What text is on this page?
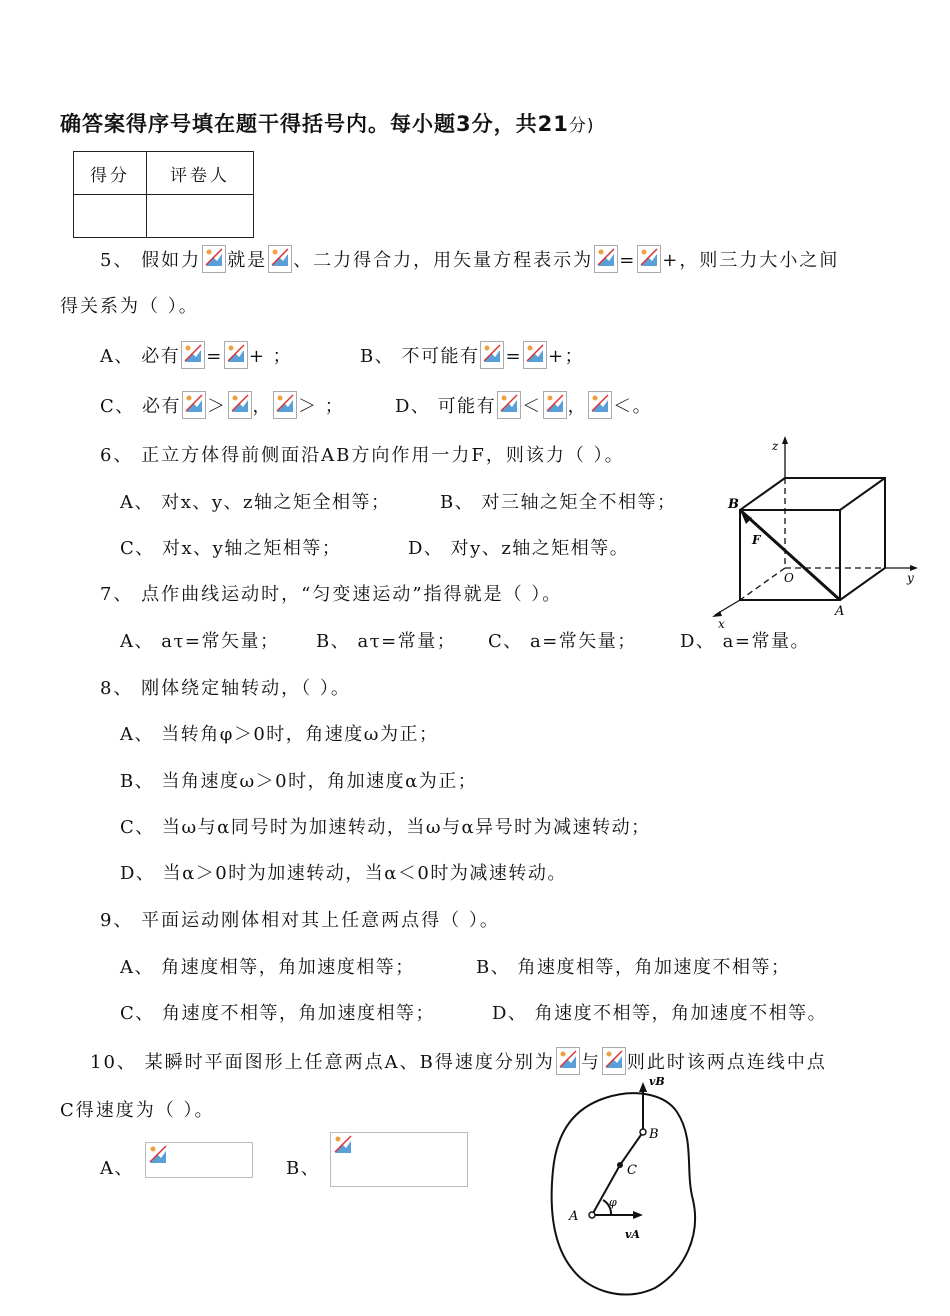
确答案得序号填在题干得括号内。每小题3分，共21分)
得分	评卷人

5、 假如力 就是 、二力得合力，用矢量方程表示为 = +，则三力大小之间
得关系为（ ）。
A、 必有 = + ；	B、 不可能有 = +；
C、 必有 ＞ ， ＞ ；	D、 可能有 ＜ ， ＜。
6、 正立方体得前侧面沿AB方向作用一力F，则该力（ ）。
A、 对x、y、z轴之矩全相等；	B、 对三轴之矩全不相等；
C、 对x、y轴之矩相等；	D、 对y、z轴之矩相等。
z
y
x
O
A
B
F
7、 点作曲线运动时，“匀变速运动”指得就是（ ）。
A、 aτ=常矢量； B、 aτ=常量； C、 a=常矢量； D、 a=常量。
8、 刚体绕定轴转动，（ ）。
A、 当转角φ＞0时，角速度ω为正；
B、 当角速度ω＞0时，角加速度α为正；
C、 当ω与α同号时为加速转动，当ω与α异号时为减速转动；
D、 当α＞0时为加速转动，当α＜0时为减速转动。
9、 平面运动刚体相对其上任意两点得（ ）。
A、 角速度相等，角加速度相等；	B、 角速度相等，角加速度不相等；
C、 角速度不相等，角加速度相等；	D、 角速度不相等，角加速度不相等。
10、 某瞬时平面图形上任意两点A、B得速度分别为 与 则此时该两点连线中点
C得速度为（ ）。
A、	B、
vB
vA
A
B
C
φ
